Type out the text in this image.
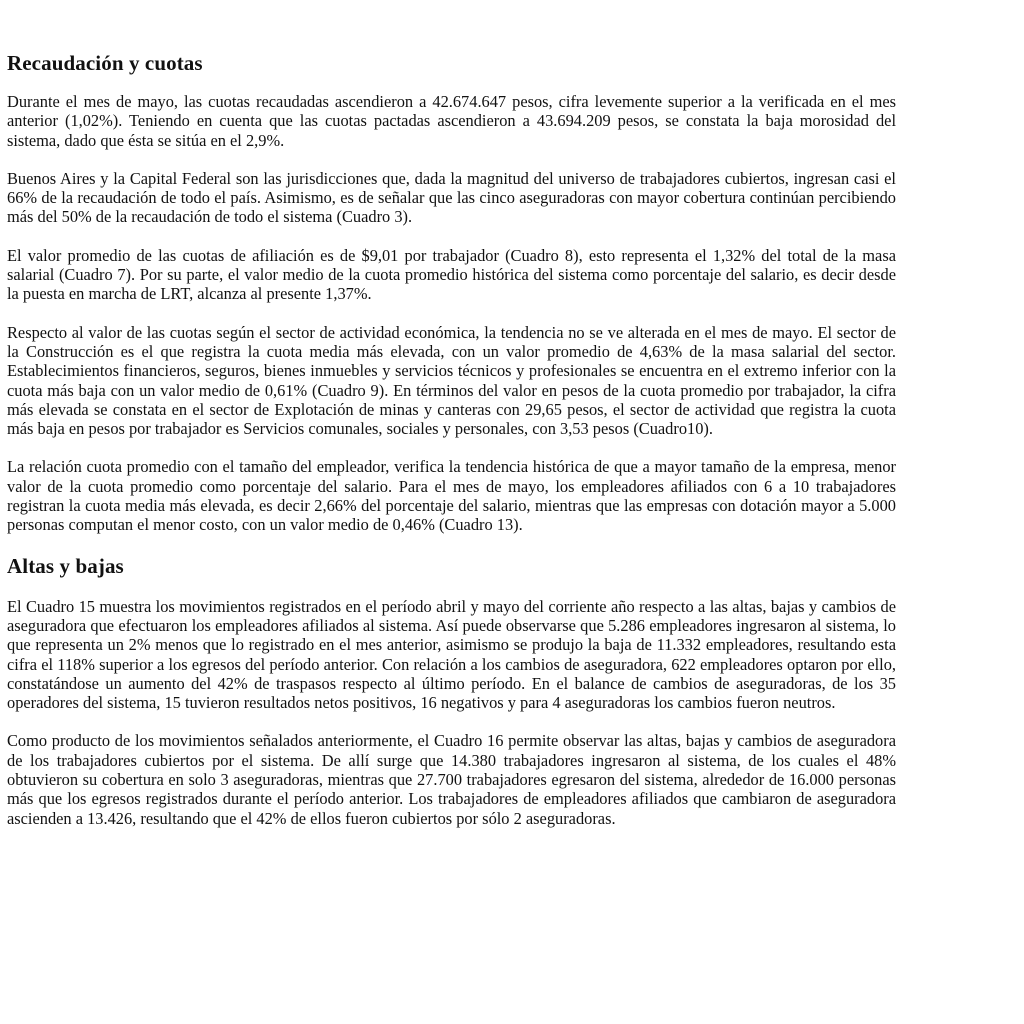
Recaudación y cuotas

Durante el mes de mayo, las cuotas recaudadas ascendieron a 42.674.647 pesos, cifra levemente superior a la verificada en el mes anterior (1,02%). Teniendo en cuenta que las cuotas pactadas ascendieron a 43.694.209 pesos, se constata la baja morosidad del sistema, dado que ésta se sitúa en el 2,9%.

Buenos Aires y la Capital Federal son las jurisdicciones que, dada la magnitud del universo de trabajadores cubiertos, ingresan casi el 66% de la recaudación de todo el país. Asimismo, es de señalar que las cinco aseguradoras con mayor cobertura continúan percibiendo más del 50% de la recaudación de todo el sistema (Cuadro 3).

El valor promedio de las cuotas de afiliación es de $9,01 por trabajador (Cuadro 8), esto representa el 1,32% del total de la masa salarial (Cuadro 7). Por su parte, el valor medio de la cuota promedio histórica del sistema como porcentaje del salario, es decir desde la puesta en marcha de LRT, alcanza al presente 1,37%.

Respecto al valor de las cuotas según el sector de actividad económica, la tendencia no se ve alterada en el mes de mayo. El sector de la Construcción es el que registra la cuota media más elevada, con un valor promedio de 4,63% de la masa salarial del sector. Establecimientos financieros, seguros, bienes inmuebles y servicios técnicos y profesionales se encuentra en el extremo inferior con la cuota más baja con un valor medio de 0,61% (Cuadro 9). En términos del valor en pesos de la cuota promedio por trabajador, la cifra más elevada se constata en el sector de Explotación de minas y canteras con 29,65 pesos, el sector de actividad que registra la cuota más baja en pesos por trabajador es Servicios comunales, sociales y personales, con 3,53 pesos (Cuadro10).

La relación cuota promedio con el tamaño del empleador, verifica la tendencia histórica de que a mayor tamaño de la empresa, menor valor de la cuota promedio como porcentaje del salario. Para el mes de mayo, los empleadores afiliados con 6 a 10 trabajadores registran la cuota media más elevada, es decir 2,66% del porcentaje del salario, mientras que las empresas con dotación mayor a 5.000 personas computan el menor costo, con un valor medio de 0,46% (Cuadro 13).

Altas y bajas

El Cuadro 15 muestra los movimientos registrados en el período abril y mayo del corriente año respecto a las altas, bajas y cambios de aseguradora que efectuaron los empleadores afiliados al sistema. Así puede observarse que 5.286 empleadores ingresaron al sistema, lo que representa un 2% menos que lo registrado en el mes anterior, asimismo se produjo la baja de 11.332 empleadores, resultando esta cifra el 118% superior a los egresos del período anterior. Con relación a los cambios de aseguradora, 622 empleadores optaron por ello, constatándose un aumento del 42% de traspasos respecto al último período. En el balance de cambios de aseguradoras, de los 35 operadores del sistema, 15 tuvieron resultados netos positivos, 16 negativos y para 4 aseguradoras los cambios fueron neutros.

Como producto de los movimientos señalados anteriormente, el Cuadro 16 permite observar las altas, bajas y cambios de aseguradora de los trabajadores cubiertos por el sistema. De allí surge que 14.380 trabajadores ingresaron al sistema, de los cuales el 48% obtuvieron su cobertura en solo 3 aseguradoras, mientras que 27.700 trabajadores egresaron del sistema, alrededor de 16.000 personas más que los egresos registrados durante el período anterior. Los trabajadores de empleadores afiliados que cambiaron de aseguradora ascienden a 13.426, resultando que el 42% de ellos fueron cubiertos por sólo 2 aseguradoras.
